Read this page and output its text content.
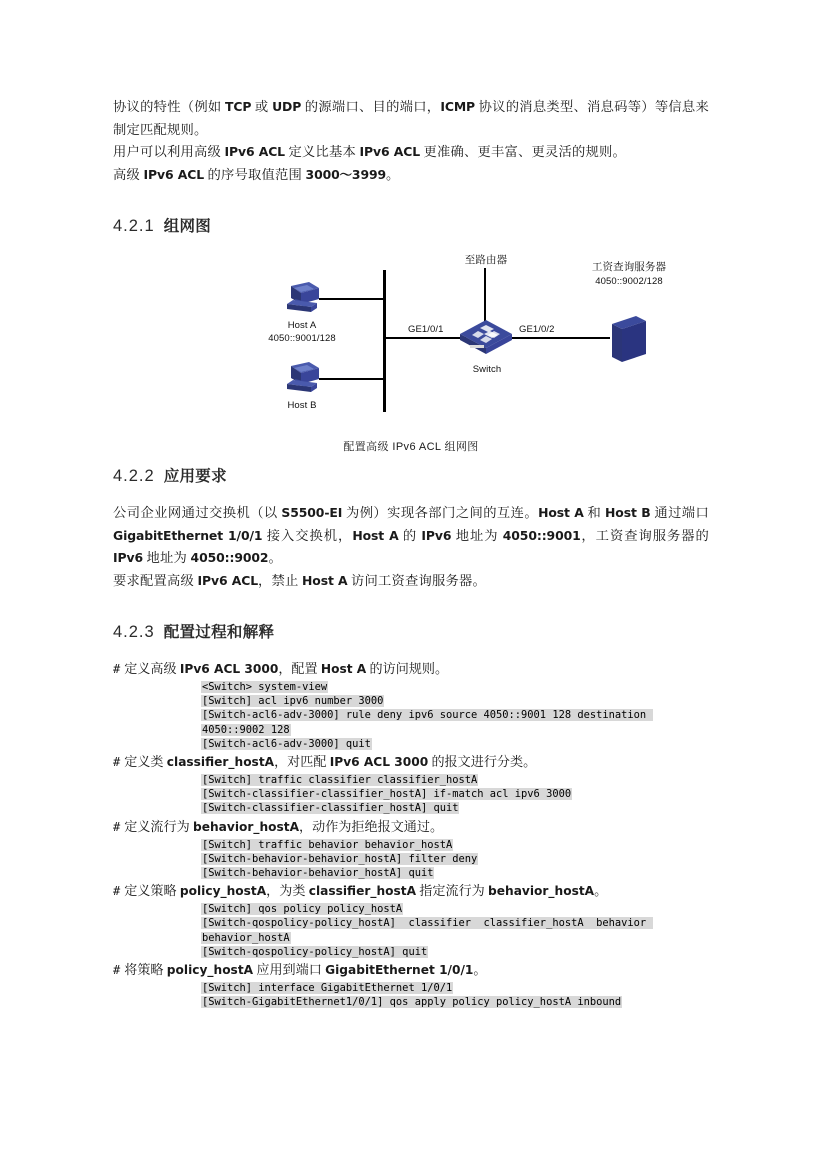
协议的特性（例如 TCP 或 UDP 的源端口、目的端口，ICMP 协议的消息类型、消息码等）等信息来制定匹配规则。

用户可以利用高级 IPv6 ACL 定义比基本 IPv6 ACL 更准确、更丰富、更灵活的规则。

高级 IPv6 ACL 的序号取值范围 3000～3999。

4.2.1 组网图
Host A
4050::9001/128
Host B
至路由器
Switch
GE1/0/1	GE1/0/2
工资查询服务器
4050::9002/128
配置高级 IPv6 ACL 组网图
4.2.2 应用要求

公司企业网通过交换机（以 S5500-EI 为例）实现各部门之间的互连。Host A 和 Host B 通过端口 GigabitEthernet 1/0/1 接入交换机，Host A 的 IPv6 地址为 4050::9001，工资查询服务器的 IPv6 地址为 4050::9002。

要求配置高级 IPv6 ACL，禁止 Host A 访问工资查询服务器。

4.2.3 配置过程和解释

# 定义高级 IPv6 ACL 3000，配置 Host A 的访问规则。

<Switch> system-view
[Switch] acl ipv6 number 3000
[Switch-acl6-adv-3000] rule deny ipv6 source 4050::9001 128 destination 4050::9002 128
[Switch-acl6-adv-3000] quit

# 定义类 classifier_hostA，对匹配 IPv6 ACL 3000 的报文进行分类。

[Switch] traffic classifier classifier_hostA
[Switch-classifier-classifier_hostA] if-match acl ipv6 3000
[Switch-classifier-classifier_hostA] quit

# 定义流行为 behavior_hostA，动作为拒绝报文通过。

[Switch] traffic behavior behavior_hostA
[Switch-behavior-behavior_hostA] filter deny
[Switch-behavior-behavior_hostA] quit

# 定义策略 policy_hostA，为类 classifier_hostA 指定流行为 behavior_hostA。

[Switch] qos policy policy_hostA
[Switch-qospolicy-policy_hostA]  classifier  classifier_hostA  behavior behavior_hostA
[Switch-qospolicy-policy_hostA] quit

# 将策略 policy_hostA 应用到端口 GigabitEthernet 1/0/1。

[Switch] interface GigabitEthernet 1/0/1
[Switch-GigabitEthernet1/0/1] qos apply policy policy_hostA inbound
